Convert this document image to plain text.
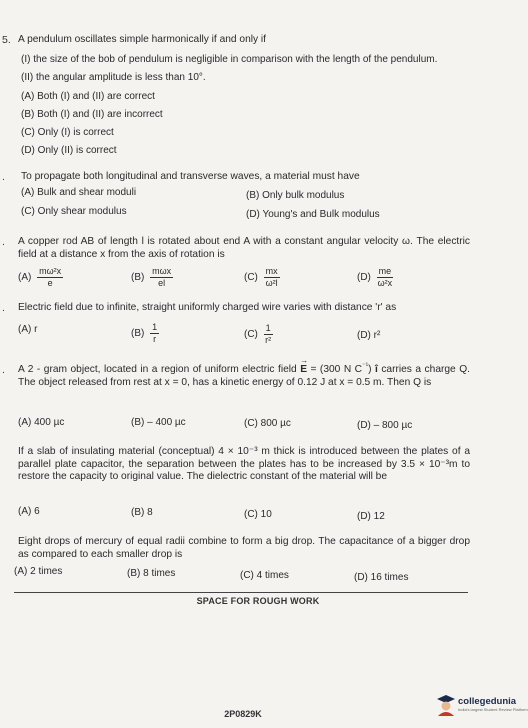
5. A pendulum oscillates simple harmonically if and only if
(I) the size of the bob of pendulum is negligible in comparison with the length of the pendulum.
(II) the angular amplitude is less than 10°.
(A) Both (I) and (II) are correct
(B) Both (I) and (II) are incorrect
(C) Only (I) is correct
(D) Only (II) is correct
. To propagate both longitudinal and transverse waves, a material must have
(A) Bulk and shear moduli	(B) Only bulk modulus
(C) Only shear modulus	(D) Young's and Bulk modulus
. A copper rod AB of length l is rotated about end A with a constant angular velocity ω. The electric field at a distance x from the axis of rotation is
$(A) \frac{\text{mω²x}}{e}$	$(B) \frac{\text{mωx}}{el}$	$(C) \frac{mx}{\text{ω²l}}$	$(D) \frac{me}{\text{ω²x}}$
. Electric field due to infinite, straight uniformly charged wire varies with distance 'r' as
(A) r	$(B) \frac{1}{r}$	$(C) \frac{1}{\text{r²}}$	(D) r²
. A 2 - gram object, located in a region of uniform electric field
→
E = (300 N $C^{^{-1}}$) î carries a charge Q. The object released from rest at x = 0, has a kinetic energy of 0.12 J at x = 0.5 m. Then Q is
(A) 400 µc	(B) – 400 µc	(C) 800 µc	(D) – 800 µc
If a slab of insulating material (conceptual) 4 × 10⁻³ m thick is introduced between the plates of a parallel plate capacitor, the separation between the plates has to be increased by 3.5 × 10⁻³m to restore the capacity to original value. The dielectric constant of the material will be
(A) 6	(B) 8	(C) 10	(D) 12
Eight drops of mercury of equal radii combine to form a big drop. The capacitance of a bigger drop as compared to each smaller drop is
(A) 2 times	(B) 8 times	(C) 4 times	(D) 16 times
SPACE FOR ROUGH WORK
2P0829K
collegedunia
India's largest Student Review Platform
